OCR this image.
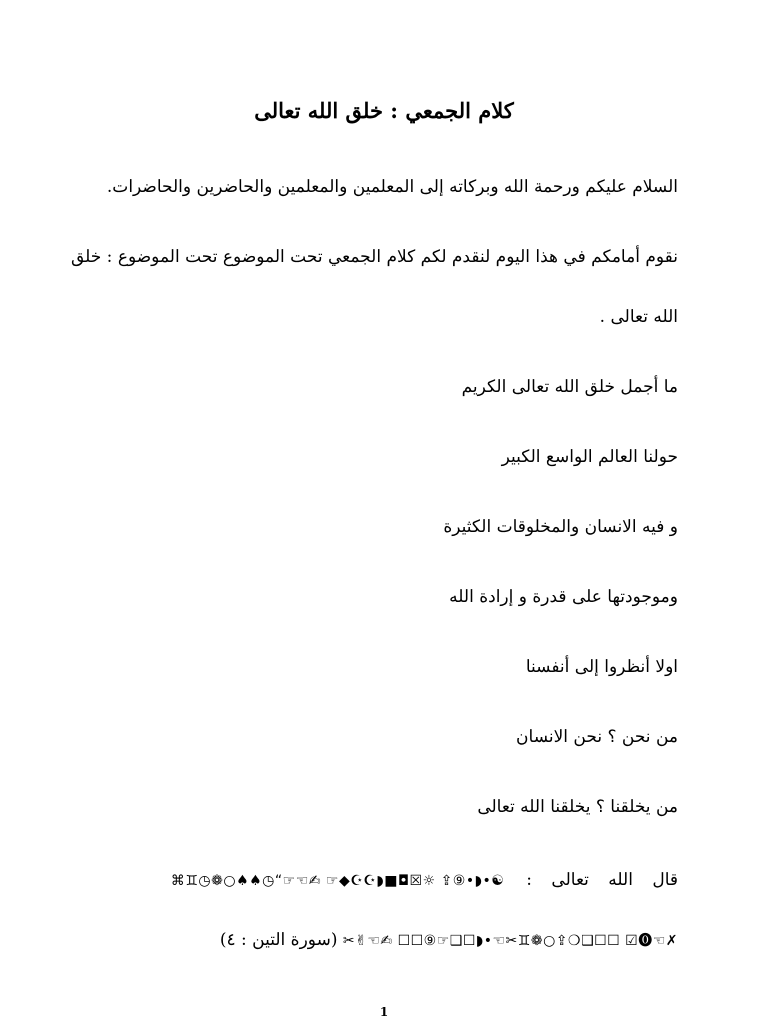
كلام الجمعي : خلق الله تعالى
السلام عليكم ورحمة الله وبركاته إلى المعلمين والمعلمين والحاضرين والحاضرات.
نقوم أمامكم في هذا اليوم لنقدم لكم كلام الجمعي تحت الموضوع تحت الموضوع : خلق
الله تعالى .
ما أجمل خلق الله تعالى الكريم
حولنا العالم الواسع الكبير
و فيه الانسان والمخلوقات الكثيرة
وموجودتها على قدرة و إرادة الله
اولا أنظروا إلى أنفسنا
من نحن ؟ نحن الانسان
من يخلقنا ؟ يخلقنا الله تعالى
قال الله تعالى :⌘♊︎◷❁○♠♠◷“☞☜✍ ☞◆☪☪◗■◘☒☼ ⇪⑨•◗•☯
✂✌☜✍ ☐☐⑨☞❑☐◗•☜✂♊︎❁○⇪❍❑☐☐ ☑⓿☜✗ (سورة التين : ٤)
1
